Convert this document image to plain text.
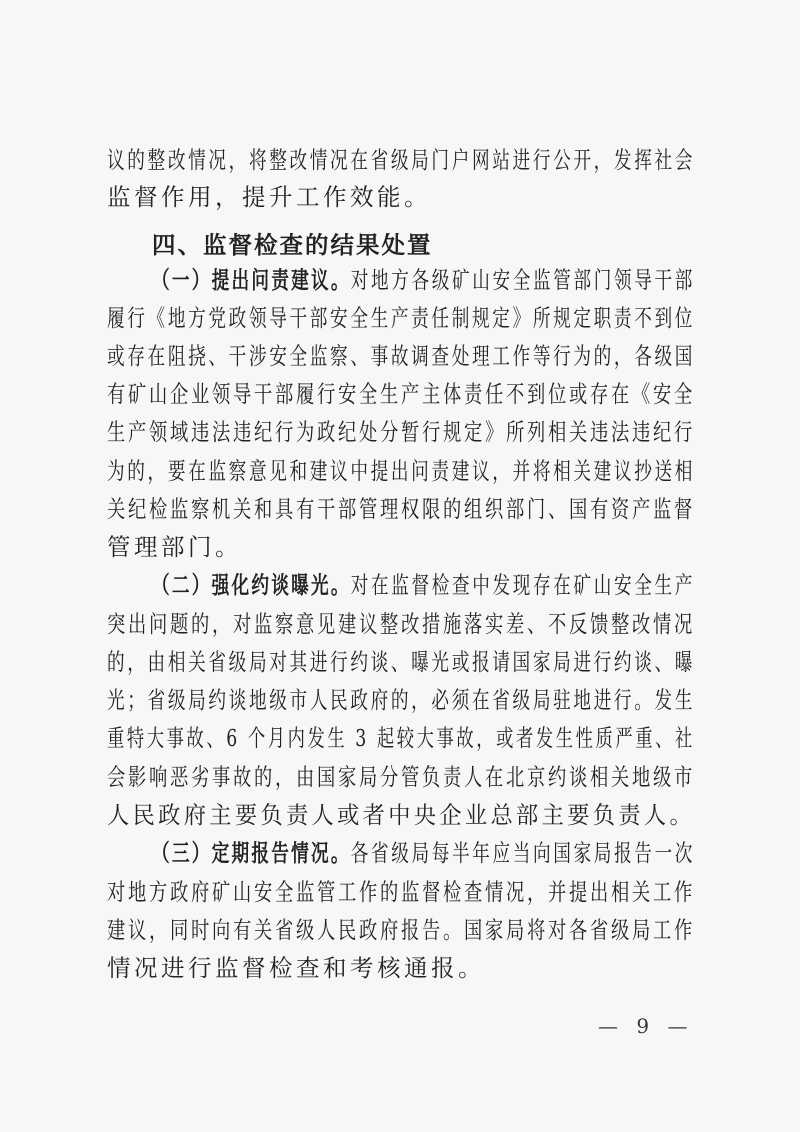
议的整改情况，将整改情况在省级局门户网站进行公开，发挥社会
监督作用，提升工作效能。
四、监督检查的结果处置
（一）提出问责建议。对地方各级矿山安全监管部门领导干部
履行《地方党政领导干部安全生产责任制规定》所规定职责不到位
或存在阻挠、干涉安全监察、事故调查处理工作等行为的，各级国
有矿山企业领导干部履行安全生产主体责任不到位或存在《安全
生产领域违法违纪行为政纪处分暂行规定》所列相关违法违纪行
为的，要在监察意见和建议中提出问责建议，并将相关建议抄送相
关纪检监察机关和具有干部管理权限的组织部门、国有资产监督
管理部门。
（二）强化约谈曝光。对在监督检查中发现存在矿山安全生产
突出问题的，对监察意见建议整改措施落实差、不反馈整改情况
的，由相关省级局对其进行约谈、曝光或报请国家局进行约谈、曝
光；省级局约谈地级市人民政府的，必须在省级局驻地进行。发生
重特大事故、6 个月内发生 3 起较大事故，或者发生性质严重、社
会影响恶劣事故的，由国家局分管负责人在北京约谈相关地级市
人民政府主要负责人或者中央企业总部主要负责人。
（三）定期报告情况。各省级局每半年应当向国家局报告一次
对地方政府矿山安全监管工作的监督检查情况，并提出相关工作
建议，同时向有关省级人民政府报告。国家局将对各省级局工作
情况进行监督检查和考核通报。
— 9 —
